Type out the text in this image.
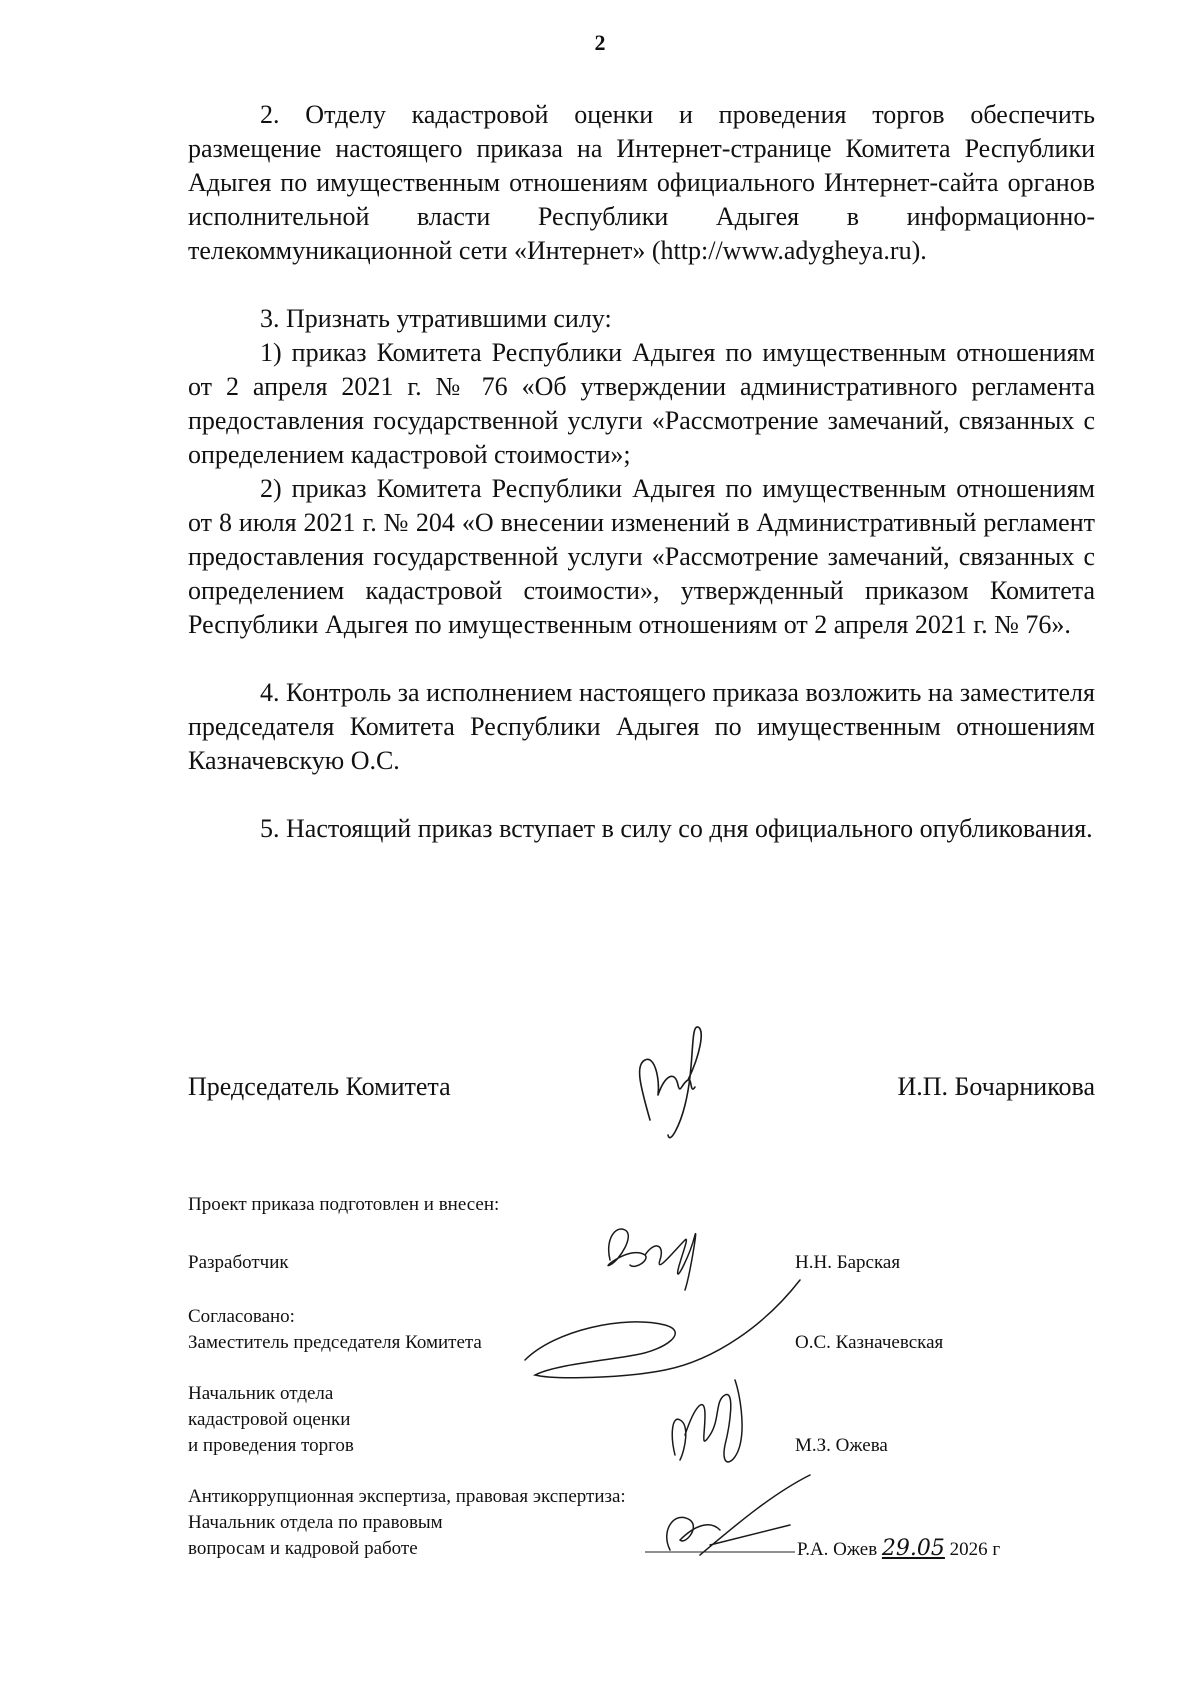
2

2. Отделу кадастровой оценки и проведения торгов обеспечить размещение настоящего приказа на Интернет-странице Комитета Республики Адыгея по имущественным отношениям официального Интернет-сайта органов исполнительной власти Республики Адыгея в информационно-телекоммуникационной сети «Интернет» (http://www.adygheya.ru).

3. Признать утратившими силу:

1) приказ Комитета Республики Адыгея по имущественным отношениям от 2 апреля 2021 г. № 76 «Об утверждении административного регламента предоставления государственной услуги «Рассмотрение замечаний, связанных с определением кадастровой стоимости»;

2) приказ Комитета Республики Адыгея по имущественным отношениям от 8 июля 2021 г. № 204 «О внесении изменений в Административный регламент предоставления государственной услуги «Рассмотрение замечаний, связанных с определением кадастровой стоимости», утвержденный приказом Комитета Республики Адыгея по имущественным отношениям от 2 апреля 2021 г. № 76».

4. Контроль за исполнением настоящего приказа возложить на заместителя председателя Комитета Республики Адыгея по имущественным отношениям Казначевскую О.С.

5. Настоящий приказ вступает в силу со дня официального опубликования.

Председатель Комитета	И.П. Бочарникова
Проект приказа подготовлен и внесен:
Разработчик	Н.Н. Барская
Согласовано:
Заместитель председателя Комитета	О.С. Казначевская
Начальник отдела
кадастровой оценки
и проведения торгов	М.З. Ожева
Антикоррупционная экспертиза, правовая экспертиза:
Начальник отдела по правовым
вопросам и кадровой работе	Р.А. Ожев 29.05 2026 г
